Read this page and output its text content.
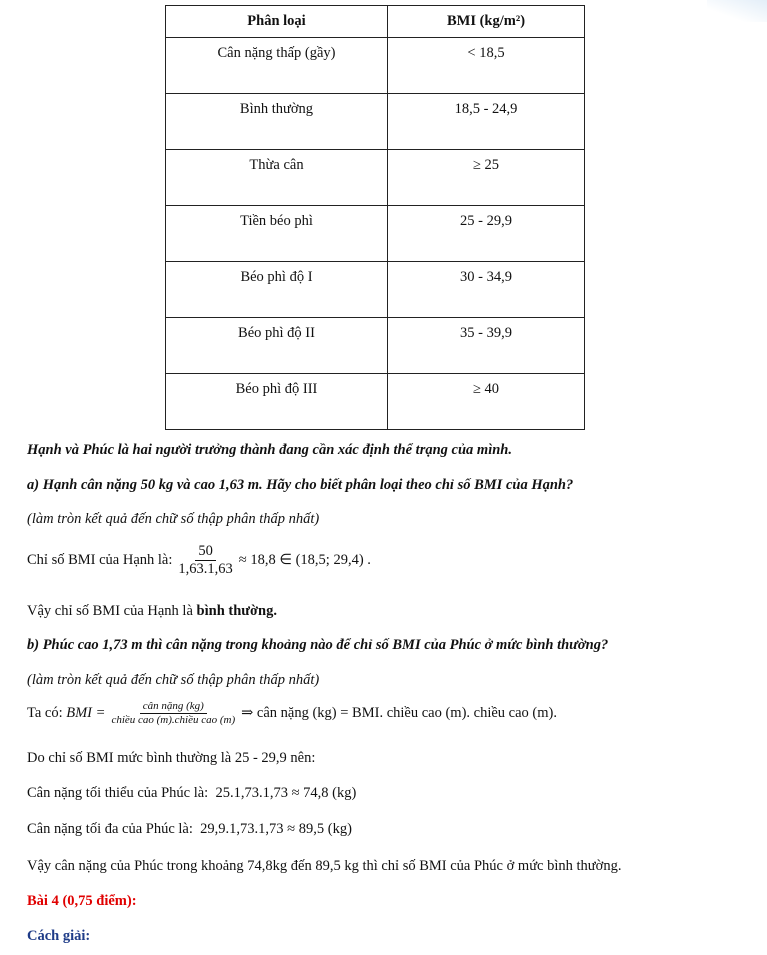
Phân loại	BMI (kg/m²)
Cân nặng thấp (gầy)	< 18,5
Bình thường	18,5 - 24,9
Thừa cân	≥ 25
Tiền béo phì	25 - 29,9
Béo phì độ I	30 - 34,9
Béo phì độ II	35 - 39,9
Béo phì độ III	≥ 40
Hạnh và Phúc là hai người trưởng thành đang cần xác định thể trạng của mình.
a) Hạnh cân nặng 50 kg và cao 1,63 m. Hãy cho biết phân loại theo chỉ số BMI của Hạnh?
(làm tròn kết quả đến chữ số thập phân thấp nhất)
Chỉ số BMI của Hạnh là: $\frac{50}{1,63.1,63} \approx 18,8$ ∈ (18,5; 29,4) .
Vậy chỉ số BMI của Hạnh là bình thường.
b) Phúc cao 1,73 m thì cân nặng trong khoảng nào để chỉ số BMI của Phúc ở mức bình thường?
(làm tròn kết quả đến chữ số thập phân thấp nhất)
Ta có:
BMI = $\frac{\text{cân nặng (kg)}}{\text{chiều cao (m).chiều cao (m)}}$ ⇒ cân nặng (kg) = BMI. chiều cao (m). chiều cao (m).
Do chỉ số BMI mức bình thường là 25 - 29,9 nên:
Cân nặng tối thiểu của Phúc là: 25.1,73.1,73 ≈ 74,8 (kg)
Cân nặng tối đa của Phúc là: 29,9.1,73.1,73 ≈ 89,5 (kg)
Vậy cân nặng của Phúc trong khoảng 74,8kg đến 89,5 kg thì chỉ số BMI của Phúc ở mức bình thường.
Bài 4 (0,75 điểm):
Cách giải:
